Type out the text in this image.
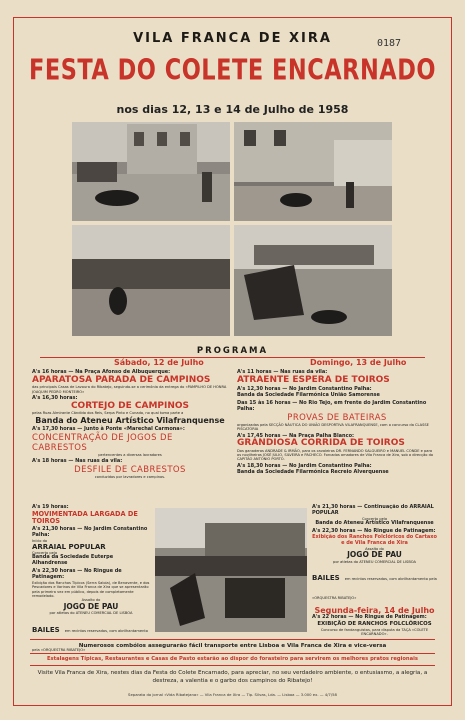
0187
VILA FRANCA DE XIRA
FESTA DO COLETE ENCARNADO
nos dias 12, 13 e 14 de Julho de 1958
PROGRAMA
Sábado, 12 de Julho
A's 16 horas — Na Praça Afonso de Albuquerque:
APARATOSA PARADA DE CAMPINOS
das principais Casas de Lavoura do Ribatejo, seguindo-se a cerimónia da entrega do «PAMPILHO DE HONRA JOAQUIM PEDRO MONTEIRO»
A's 16,30 horas:
CORTEJO DE CAMPINOS
pelas Ruas Almirante Cândido dos Reis, Serpa Pinto e Cunado, no qual toma parte a
Banda do Ateneu Artístico Vilafranquense
A's 17,30 horas — Junto à Ponte «Marechal Carmona»:
CONCENTRAÇÃO DE JOGOS DE CABRESTOS
pertencentes a diversas lavradores
A's 18 horas — Nas ruas da vila:
DESFILE DE CABRESTOS
conduzidos por lavradores e campinos.
A's 19 horas:
MOVIMENTADA LARGADA DE TOIROS
A's 21,30 horas — No Jardim Constantino Palha:
Início do
ARRAIAL POPULAR
Concerto pela
Banda da Sociedade Euterpe Alhandrense
A's 22,30 horas — No Ringue de Patinagem:
Exibição dos Ranchos Típicos (Serra Saloia), de Benavente, e dos Pescadores e Varinas de Vila Franca de Xira que se apresentarão pela primeira vez em público, depois de completamente remodelado.
Assalto do
JOGO DE PAU
por atletas do ATENEU COMERCIAL DE LISBOA
BAILES em recintos reservados, com abrilhantamento pela «ORQUESTRA RIBATEJO»
Domingo, 13 de Julho
A's 11 horas — Nas ruas da vila:
ATRAENTE ESPERA DE TOIROS
A's 12,30 horas — No Jardim Constantino Palha:
Banda da Sociedade Filarmónica União Samorense
Das 15 às 16 horas — No Rio Tejo, em frente do Jardim Constantino Palha:
PROVAS DE BATEIRAS
organizadas pela SECÇÃO NÁUTICA DO UNIÃO DESPORTIVA VILAFRANQUENSE, com o concurso da CLASSE PISCATÓRIA
A's 17,45 horas — Na Praça Palha Blanco:
GRANDIOSA CORRIDA DE TOIROS
Dos ganaderos ANDRADE & IRMÃO, para os cavaleiros DR. FERNANDO SALGUEIRO e MANUEL CONDE e para os novilheiros JOSÉ JÚLIO, SILVEIRA e PACHECO. Forcados amadores de Vila Franca de Xira, sob a direcção do CAPITÃO ANTÓNIO PORTO.
A's 18,30 horas — No Jardim Constantino Palha:
Banda da Sociedade Filarmónica Recreio Alverquense
A's 21,30 horas — Continuação do ARRAIAL POPULAR
Concerto pela
Banda do Ateneu Artístico Vilafranquense
A's 22,30 horas — No Ringue de Patinagem:
Exibição dos Ranchos Folclóricos do Cartaxo e de Vila Franca de Xira
Assalto do
JOGO DE PAU
por atletas do ATENEU COMERCIAL DE LISBOA
BAILES em recintos reservados, com abrilhantamento pela «ORQUESTRA RIBATEJO»
Segunda-feira, 14 de Julho
A's 22 horas — No Ringue de Patinagem:
EXIBIÇÃO DE RANCHOS FOLCLÓRICOS
Concurso de fandanguistas, para disputa da TAÇA «COLETE ENCARNADO».
Numerosos combóios assegurarão fácil transporte entre Lisboa e Vila Franca de Xira e vice-versa
Estalagens Típicas, Restaurantes e Casas de Pasto estarão ao dispor do forasteiro para servirem os melhores pratos regionais
Visite Vila Franca de Xira, nestes dias da Festa do Colete Encarnado, para apreciar, no seu verdadeiro ambiente, o entusiasmo, a alegria, a destreza, a valentia e o garbo dos campinos do Ribatejo!
Separata do jornal «Vida Ribatejana» — Vila Franca de Xira — Tip. Silvas, Lda. — Lisboa — 3.000 ex. — 4/7/58
